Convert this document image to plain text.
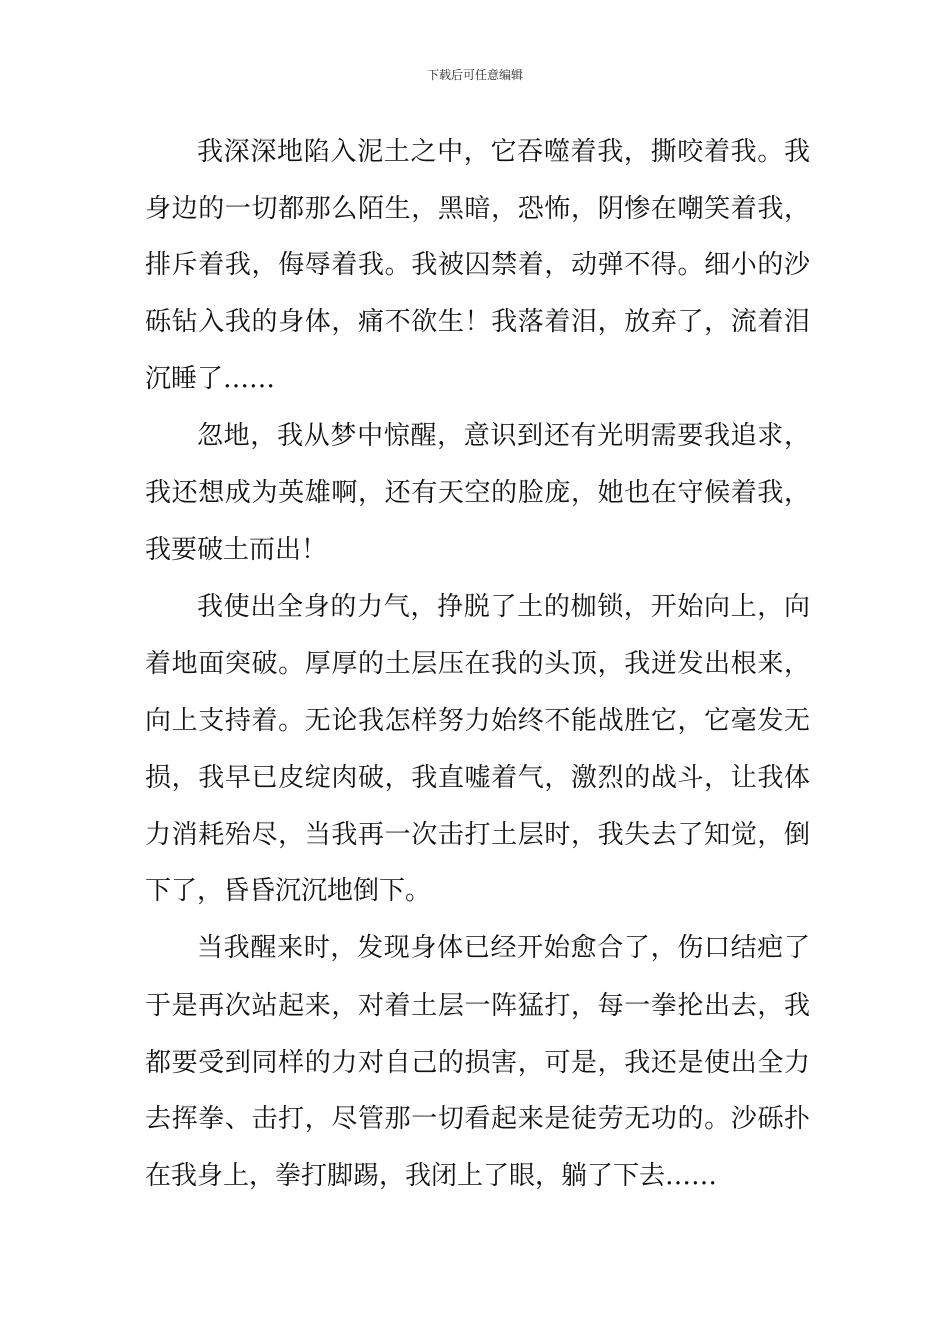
下载后可任意编辑
我深深地陷入泥土之中，它吞噬着我，撕咬着我。我
身边的一切都那么陌生，黑暗，恐怖，阴惨在嘲笑着我，
排斥着我，侮辱着我。我被囚禁着，动弹不得。细小的沙
砾钻入我的身体，痛不欲生！我落着泪，放弃了，流着泪
沉睡了……
忽地，我从梦中惊醒，意识到还有光明需要我追求，
我还想成为英雄啊，还有天空的脸庞，她也在守候着我，
我要破土而出！
我使出全身的力气，挣脱了土的枷锁，开始向上，向
着地面突破。厚厚的土层压在我的头顶，我迸发出根来，
向上支持着。无论我怎样努力始终不能战胜它，它毫发无
损，我早已皮绽肉破，我直嘘着气，激烈的战斗，让我体
力消耗殆尽，当我再一次击打土层时，我失去了知觉，倒
下了，昏昏沉沉地倒下。
当我醒来时，发现身体已经开始愈合了，伤口结疤了
于是再次站起来，对着土层一阵猛打，每一拳抡出去，我
都要受到同样的力对自己的损害，可是，我还是使出全力
去挥拳、击打，尽管那一切看起来是徒劳无功的。沙砾扑
在我身上，拳打脚踢，我闭上了眼，躺了下去……
